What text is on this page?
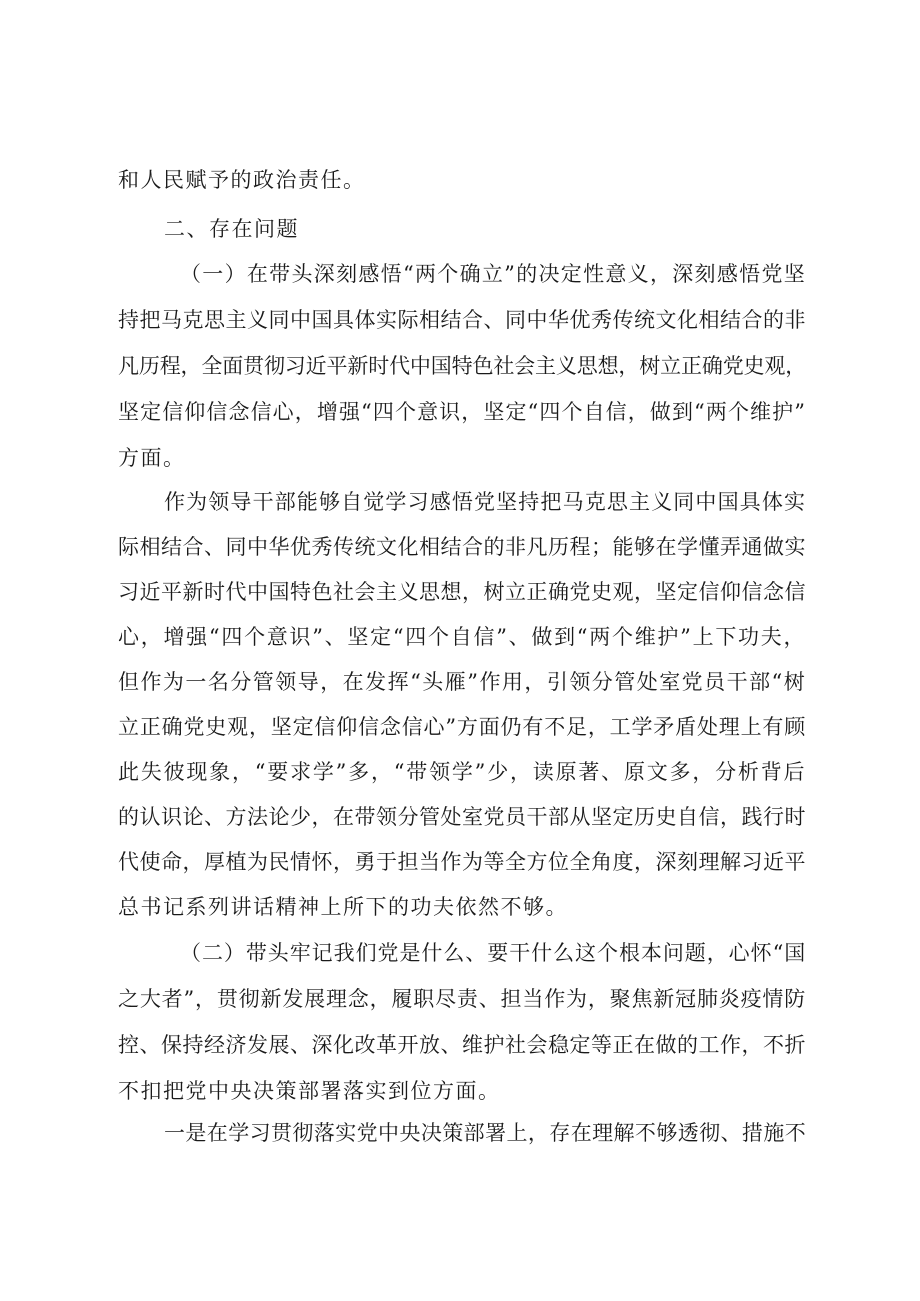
和人民赋予的政治责任。
二、存在问题
（一）在带头深刻感悟“两个确立”的决定性意义，深刻感悟党坚
持把马克思主义同中国具体实际相结合、同中华优秀传统文化相结合的非
凡历程，全面贯彻习近平新时代中国特色社会主义思想，树立正确党史观，
坚定信仰信念信心，增强“四个意识，坚定“四个自信，做到“两个维护”
方面。
作为领导干部能够自觉学习感悟党坚持把马克思主义同中国具体实
际相结合、同中华优秀传统文化相结合的非凡历程；能够在学懂弄通做实
习近平新时代中国特色社会主义思想，树立正确党史观，坚定信仰信念信
心，增强“四个意识”、坚定“四个自信”、做到“两个维护”上下功夫，
但作为一名分管领导，在发挥“头雁”作用，引领分管处室党员干部“树
立正确党史观，坚定信仰信念信心”方面仍有不足，工学矛盾处理上有顾
此失彼现象，“要求学”多，“带领学”少，读原著、原文多，分析背后
的认识论、方法论少，在带领分管处室党员干部从坚定历史自信，践行时
代使命，厚植为民情怀，勇于担当作为等全方位全角度，深刻理解习近平
总书记系列讲话精神上所下的功夫依然不够。
（二）带头牢记我们党是什么、要干什么这个根本问题，心怀“国
之大者”，贯彻新发展理念，履职尽责、担当作为，聚焦新冠肺炎疫情防
控、保持经济发展、深化改革开放、维护社会稳定等正在做的工作，不折
不扣把党中央决策部署落实到位方面。
一是在学习贯彻落实党中央决策部署上，存在理解不够透彻、措施不
